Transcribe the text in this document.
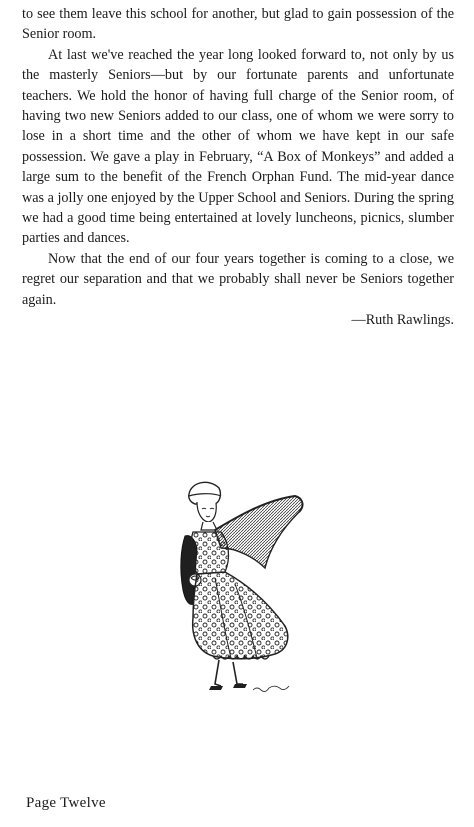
to see them leave this school for another, but glad to gain possession of the Senior room.

At last we've reached the year long looked forward to, not only by us the masterly Seniors—but by our fortunate parents and unfortunate teachers. We hold the honor of having full charge of the Senior room, of having two new Seniors added to our class, one of whom we were sorry to lose in a short time and the other of whom we have kept in our safe possession. We gave a play in February, “A Box of Monkeys” and added a large sum to the benefit of the French Orphan Fund. The mid-year dance was a jolly one enjoyed by the Upper School and Seniors. During the spring we had a good time being entertained at lovely luncheons, picnics, slumber parties and dances.

Now that the end of our four years together is coming to a close, we regret our separation and that we probably shall never be Seniors together again.

—Ruth Rawlings.

Page Twelve
